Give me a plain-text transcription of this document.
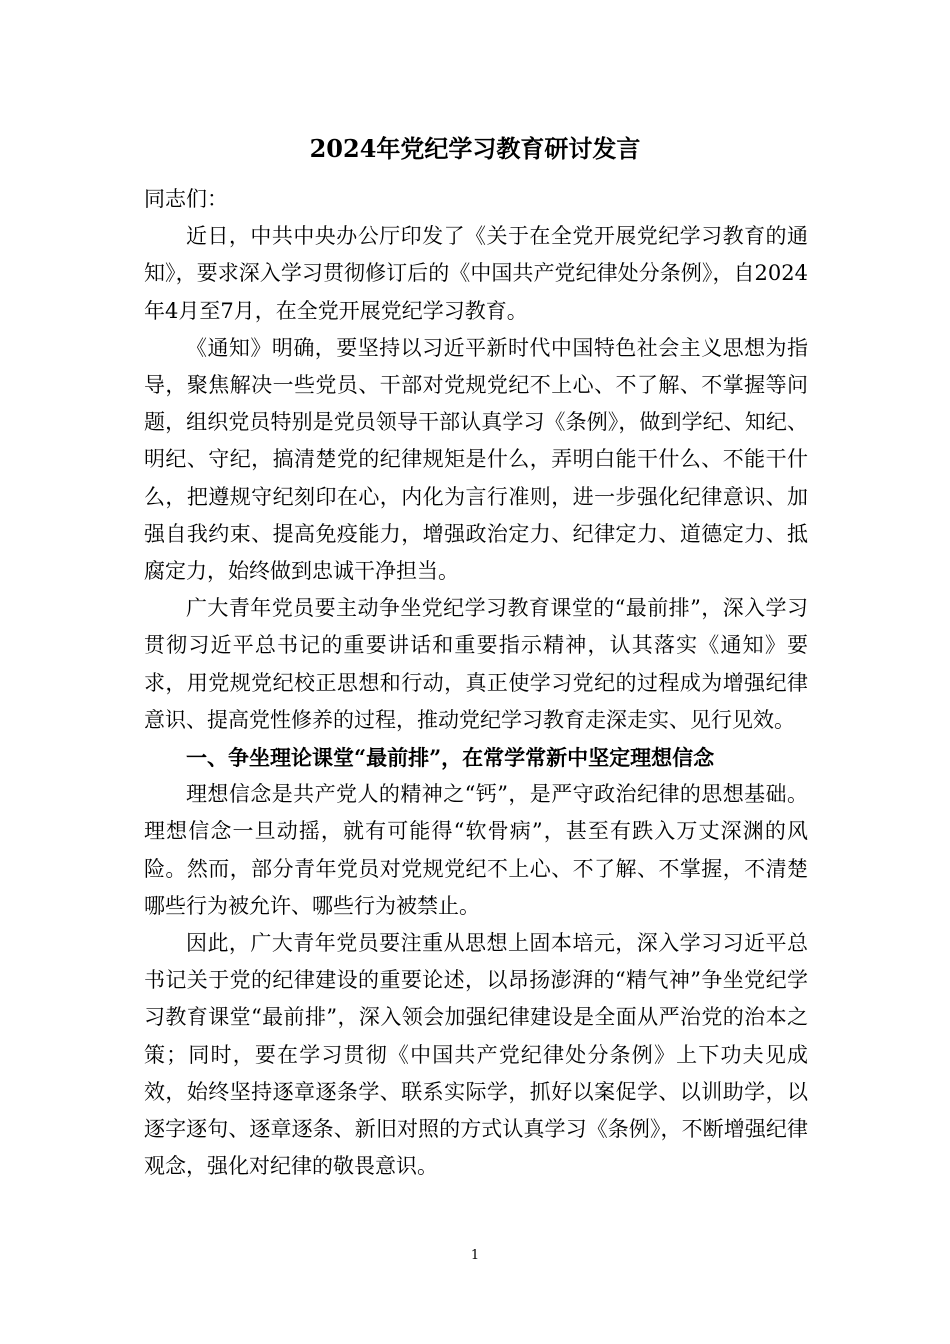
2024年党纪学习教育研讨发言

同志们：

近日，中共中央办公厅印发了《关于在全党开展党纪学习教育的通知》，要求深入学习贯彻修订后的《中国共产党纪律处分条例》，自2024年4月至7月，在全党开展党纪学习教育。

《通知》明确，要坚持以习近平新时代中国特色社会主义思想为指导，聚焦解决一些党员、干部对党规党纪不上心、不了解、不掌握等问题，组织党员特别是党员领导干部认真学习《条例》，做到学纪、知纪、明纪、守纪，搞清楚党的纪律规矩是什么，弄明白能干什么、不能干什么，把遵规守纪刻印在心，内化为言行准则，进一步强化纪律意识、加强自我约束、提高免疫能力，增强政治定力、纪律定力、道德定力、抵腐定力，始终做到忠诚干净担当。

广大青年党员要主动争坐党纪学习教育课堂的“最前排”，深入学习贯彻习近平总书记的重要讲话和重要指示精神，认其落实《通知》要求，用党规党纪校正思想和行动，真正使学习党纪的过程成为增强纪律意识、提高党性修养的过程，推动党纪学习教育走深走实、见行见效。

一、争坐理论课堂“最前排”，在常学常新中坚定理想信念

理想信念是共产党人的精神之“钙”，是严守政治纪律的思想基础。理想信念一旦动摇，就有可能得“软骨病”，甚至有跌入万丈深渊的风险。然而，部分青年党员对党规党纪不上心、不了解、不掌握，不清楚哪些行为被允许、哪些行为被禁止。

因此，广大青年党员要注重从思想上固本培元，深入学习习近平总书记关于党的纪律建设的重要论述，以昂扬澎湃的“精气神”争坐党纪学习教育课堂“最前排”，深入领会加强纪律建设是全面从严治党的治本之策；同时，要在学习贯彻《中国共产党纪律处分条例》上下功夫见成效，始终坚持逐章逐条学、联系实际学，抓好以案促学、以训助学，以逐字逐句、逐章逐条、新旧对照的方式认真学习《条例》，不断增强纪律观念，强化对纪律的敬畏意识。

1
